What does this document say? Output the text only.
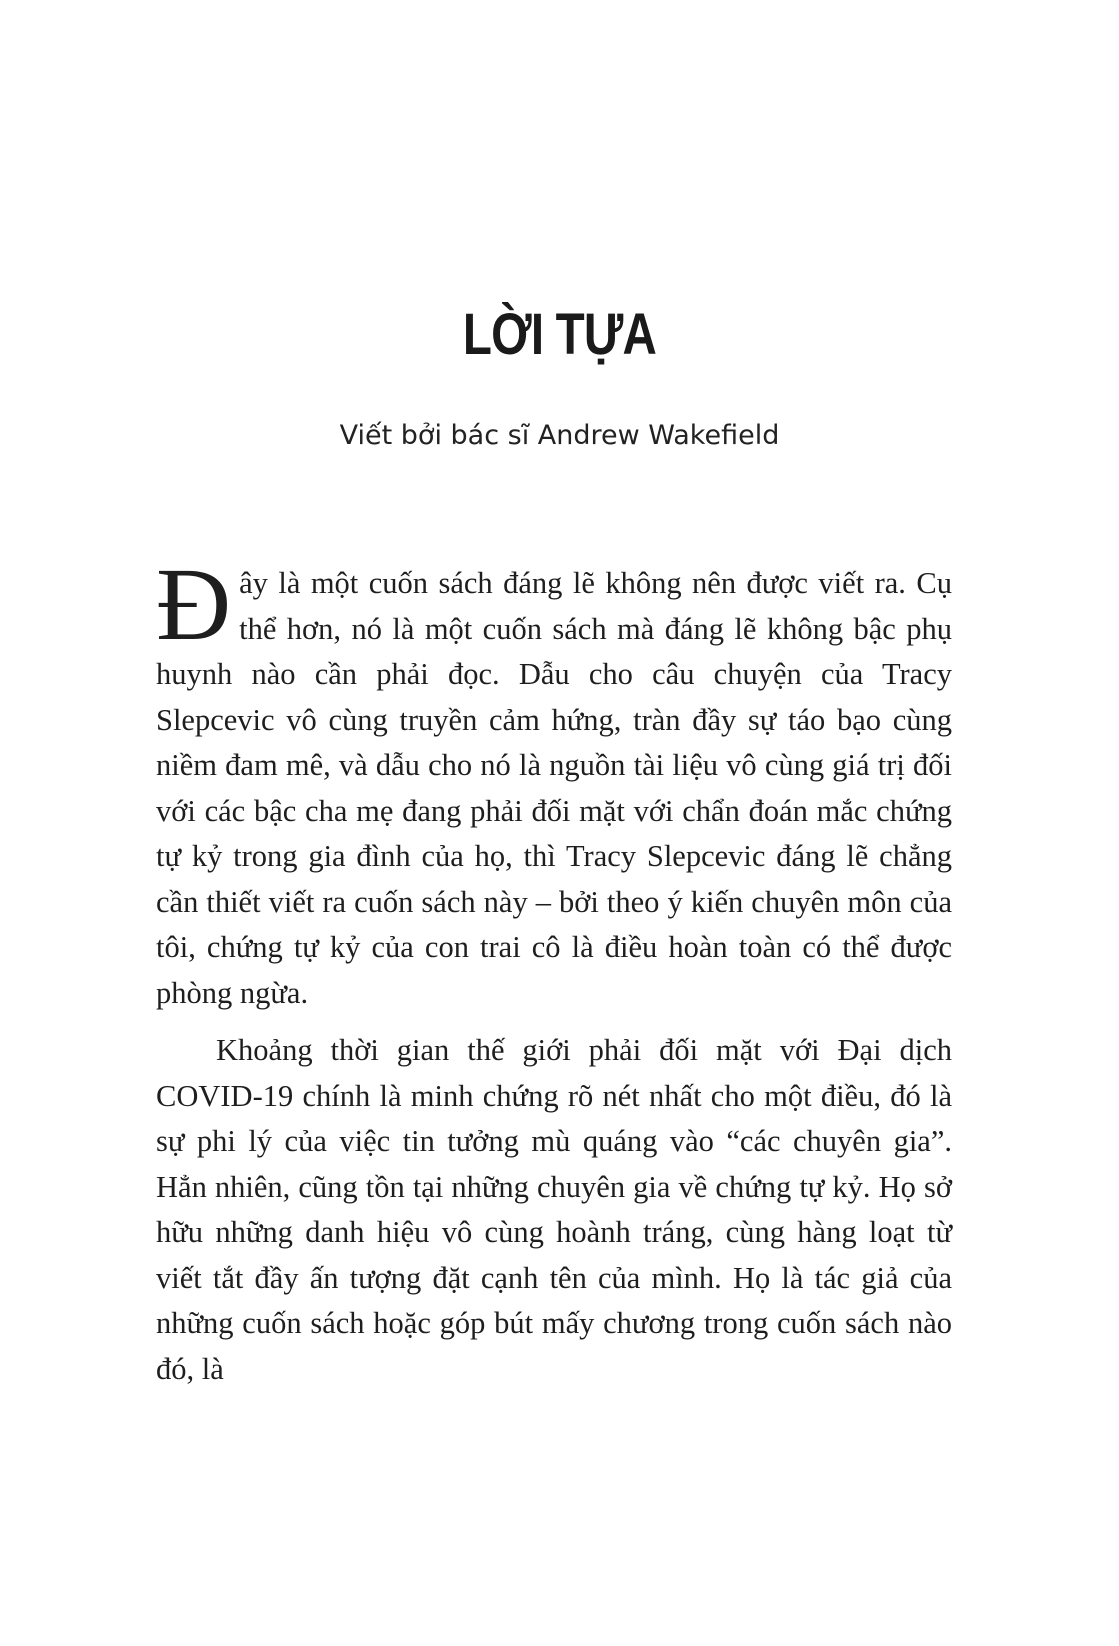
LỜI TỰA
Viết bởi bác sĩ Andrew Wakefield

Đây là một cuốn sách đáng lẽ không nên được viết ra. Cụ thể hơn, nó là một cuốn sách mà đáng lẽ không bậc phụ huynh nào cần phải đọc. Dẫu cho câu chuyện của Tracy Slepcevic vô cùng truyền cảm hứng, tràn đầy sự táo bạo cùng niềm đam mê, và dẫu cho nó là nguồn tài liệu vô cùng giá trị đối với các bậc cha mẹ đang phải đối mặt với chẩn đoán mắc chứng tự kỷ trong gia đình của họ, thì Tracy Slepcevic đáng lẽ chẳng cần thiết viết ra cuốn sách này – bởi theo ý kiến chuyên môn của tôi, chứng tự kỷ của con trai cô là điều hoàn toàn có thể được phòng ngừa.

Khoảng thời gian thế giới phải đối mặt với Đại dịch COVID-19 chính là minh chứng rõ nét nhất cho một điều, đó là sự phi lý của việc tin tưởng mù quáng vào “các chuyên gia”. Hẳn nhiên, cũng tồn tại những chuyên gia về chứng tự kỷ. Họ sở hữu những danh hiệu vô cùng hoành tráng, cùng hàng loạt từ viết tắt đầy ấn tượng đặt cạnh tên của mình. Họ là tác giả của những cuốn sách hoặc góp bút mấy chương trong cuốn sách nào đó, là
